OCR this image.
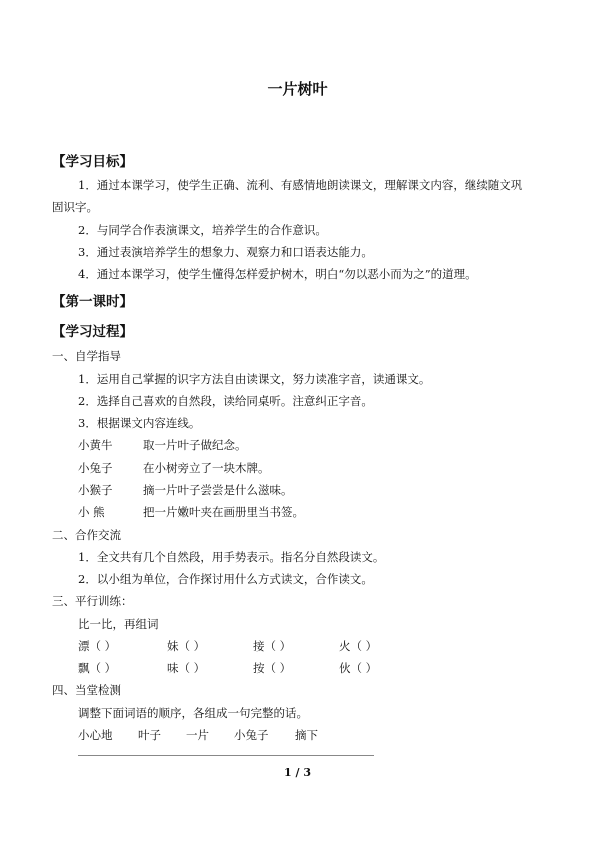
一片树叶
【学习目标】
1．通过本课学习，使学生正确、流利、有感情地朗读课文，理解课文内容，继续随文巩
固识字。
2．与同学合作表演课文，培养学生的合作意识。
3．通过表演培养学生的想象力、观察力和口语表达能力。
4．通过本课学习，使学生懂得怎样爱护树木，明白“勿以恶小而为之”的道理。
【第一课时】
【学习过程】
一、自学指导
1．运用自己掌握的识字方法自由读课文，努力读准字音，读通课文。
2．选择自己喜欢的自然段，读给同桌听。注意纠正字音。
3．根据课文内容连线。
小黄牛	取一片叶子做纪念。
小兔子	在小树旁立了一块木牌。
小猴子	摘一片叶子尝尝是什么滋味。
小 熊	把一片嫩叶夹在画册里当书签。
二、合作交流
1．全文共有几个自然段，用手势表示。指名分自然段读文。
2．以小组为单位，合作探讨用什么方式读文，合作读文。
三、平行训练：
比一比，再组词
漂（ ）	妹（ ）	接（ ）	火（ ）
飘（ ）	味（ ）	按（ ）	伙（ ）
四、当堂检测
调整下面词语的顺序，各组成一句完整的话。
小心地 叶子 一片 小兔子 摘下
1 / 3
